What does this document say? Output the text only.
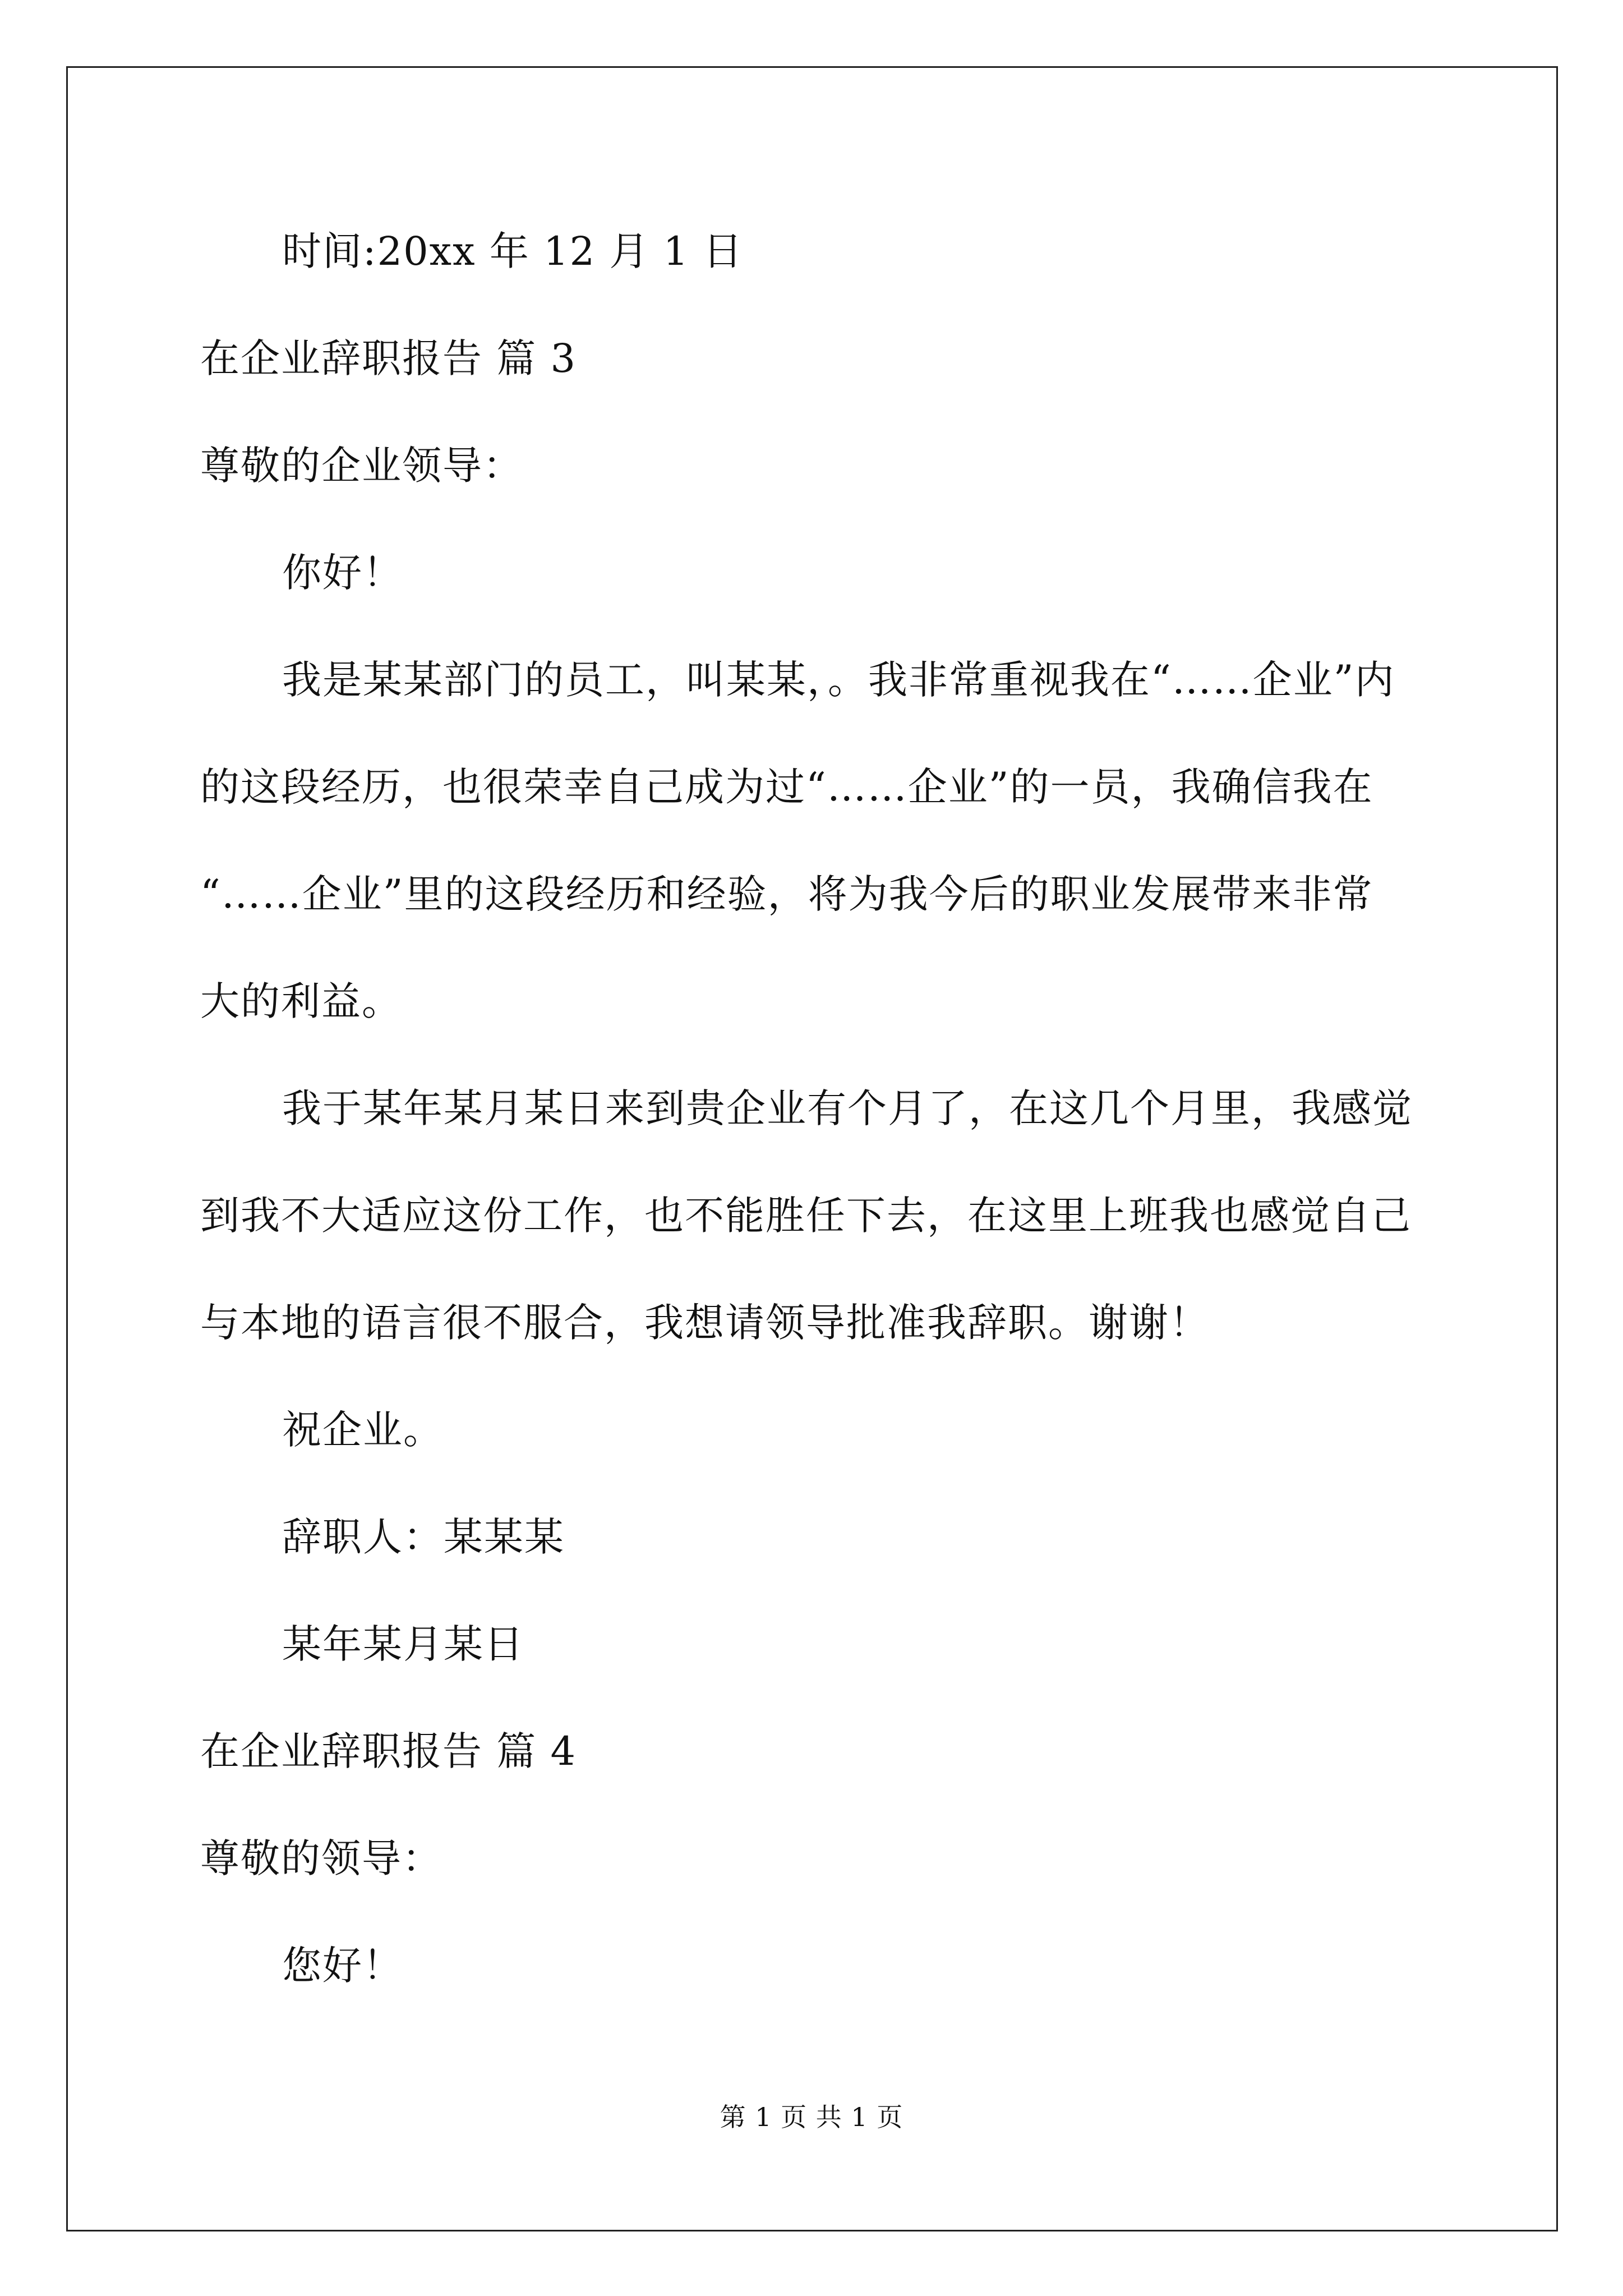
时间:20xx 年 12 月 1 日

在企业辞职报告 篇 3

尊敬的企业领导：

你好！

我是某某部门的员工，叫某某，。我非常重视我在“……企业”内

的这段经历，也很荣幸自己成为过“……企业”的一员，我确信我在

“……企业”里的这段经历和经验，将为我今后的职业发展带来非常

大的利益。

我于某年某月某日来到贵企业有个月了，在这几个月里，我感觉

到我不大适应这份工作，也不能胜任下去，在这里上班我也感觉自己

与本地的语言很不服合，我想请领导批准我辞职。谢谢！

祝企业。

辞职人：某某某

某年某月某日

在企业辞职报告 篇 4

尊敬的领导：

您好！

第 1 页 共 1 页
